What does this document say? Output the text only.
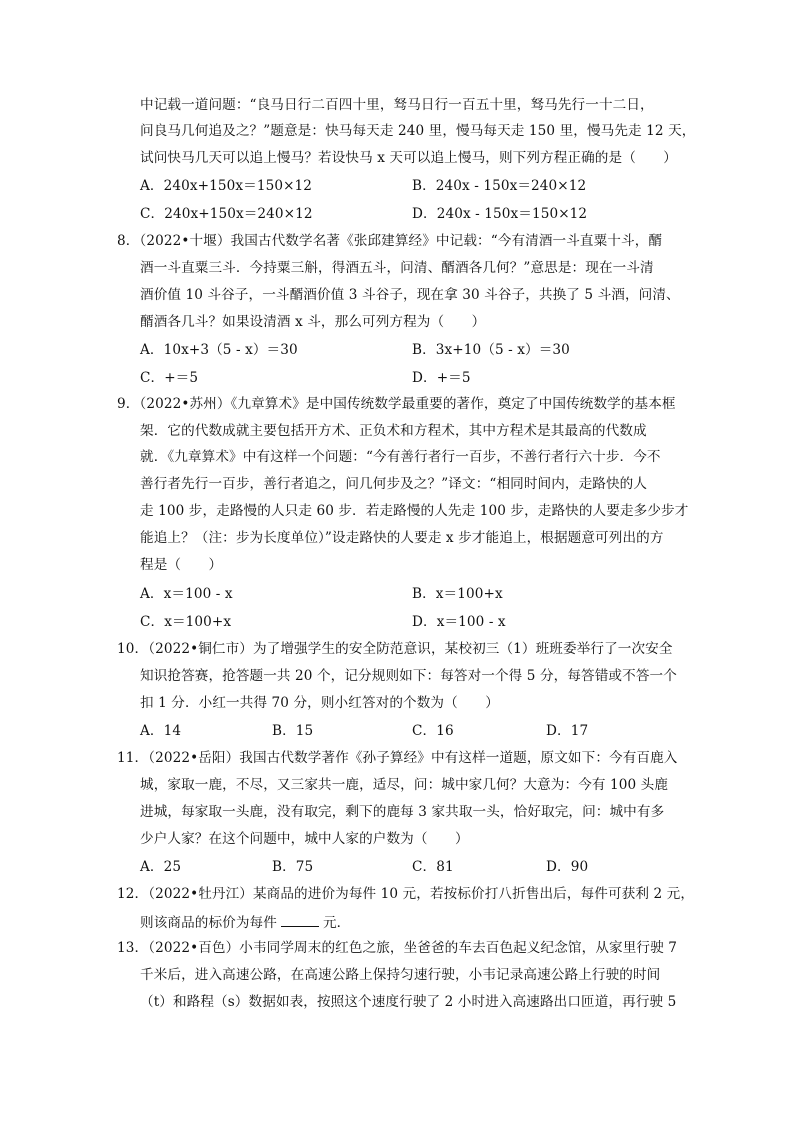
中记载一道问题：“良马日行二百四十里，驽马日行一百五十里，驽马先行一十二日，
问良马几何追及之？”题意是：快马每天走 240 里，慢马每天走 150 里，慢马先走 12 天，
试问快马几天可以追上慢马？若设快马 x 天可以追上慢马，则下列方程正确的是（　　）
A．240x+150x＝150×12	B．240x - 150x＝240×12
C．240x+150x＝240×12	D．240x - 150x＝150×12
8．（2022•十堰）我国古代数学名著《张邱建算经》中记载：“今有清酒一斗直粟十斗，醑
酒一斗直粟三斗．今持粟三斛，得酒五斗，问清、醑酒各几何？”意思是：现在一斗清
酒价值 10 斗谷子，一斗醑酒价值 3 斗谷子，现在拿 30 斗谷子，共换了 5 斗酒，问清、
醑酒各几斗？如果设清酒 x 斗，那么可列方程为（　　）
A．10x+3（5 - x）＝30	B．3x+10（5 - x）＝30
C．+＝5	D．+＝5
9．（2022•苏州）《九章算术》是中国传统数学最重要的著作，奠定了中国传统数学的基本框
架．它的代数成就主要包括开方术、正负术和方程术，其中方程术是其最高的代数成
就．《九章算术》中有这样一个问题：“今有善行者行一百步，不善行者行六十步．今不
善行者先行一百步，善行者追之，问几何步及之？”译文：“相同时间内，走路快的人
走 100 步，走路慢的人只走 60 步．若走路慢的人先走 100 步，走路快的人要走多少步才
能追上？（注：步为长度单位）”设走路快的人要走 x 步才能追上，根据题意可列出的方
程是（　　）
A．x＝100 - x	B．x＝100+x
C．x＝100+x	D．x＝100 - x
10．（2022•铜仁市）为了增强学生的安全防范意识，某校初三（1）班班委举行了一次安全
知识抢答赛，抢答题一共 20 个，记分规则如下：每答对一个得 5 分，每答错或不答一个
扣 1 分．小红一共得 70 分，则小红答对的个数为（　　）
A．14	B．15	C．16	D．17
11．（2022•岳阳）我国古代数学著作《孙子算经》中有这样一道题，原文如下：今有百鹿入
城，家取一鹿，不尽，又三家共一鹿，适尽，问：城中家几何？大意为：今有 100 头鹿
进城，每家取一头鹿，没有取完，剩下的鹿每 3 家共取一头，恰好取完，问：城中有多
少户人家？在这个问题中，城中人家的户数为（　　）
A．25	B．75	C．81	D．90
12．（2022•牡丹江）某商品的进价为每件 10 元，若按标价打八折售出后，每件可获利 2 元，
则该商品的标价为每件	元．
13．（2022•百色）小韦同学周末的红色之旅，坐爸爸的车去百色起义纪念馆，从家里行驶 7
千米后，进入高速公路，在高速公路上保持匀速行驶，小韦记录高速公路上行驶的时间
（t）和路程（s）数据如表，按照这个速度行驶了 2 小时进入高速路出口匝道，再行驶 5
